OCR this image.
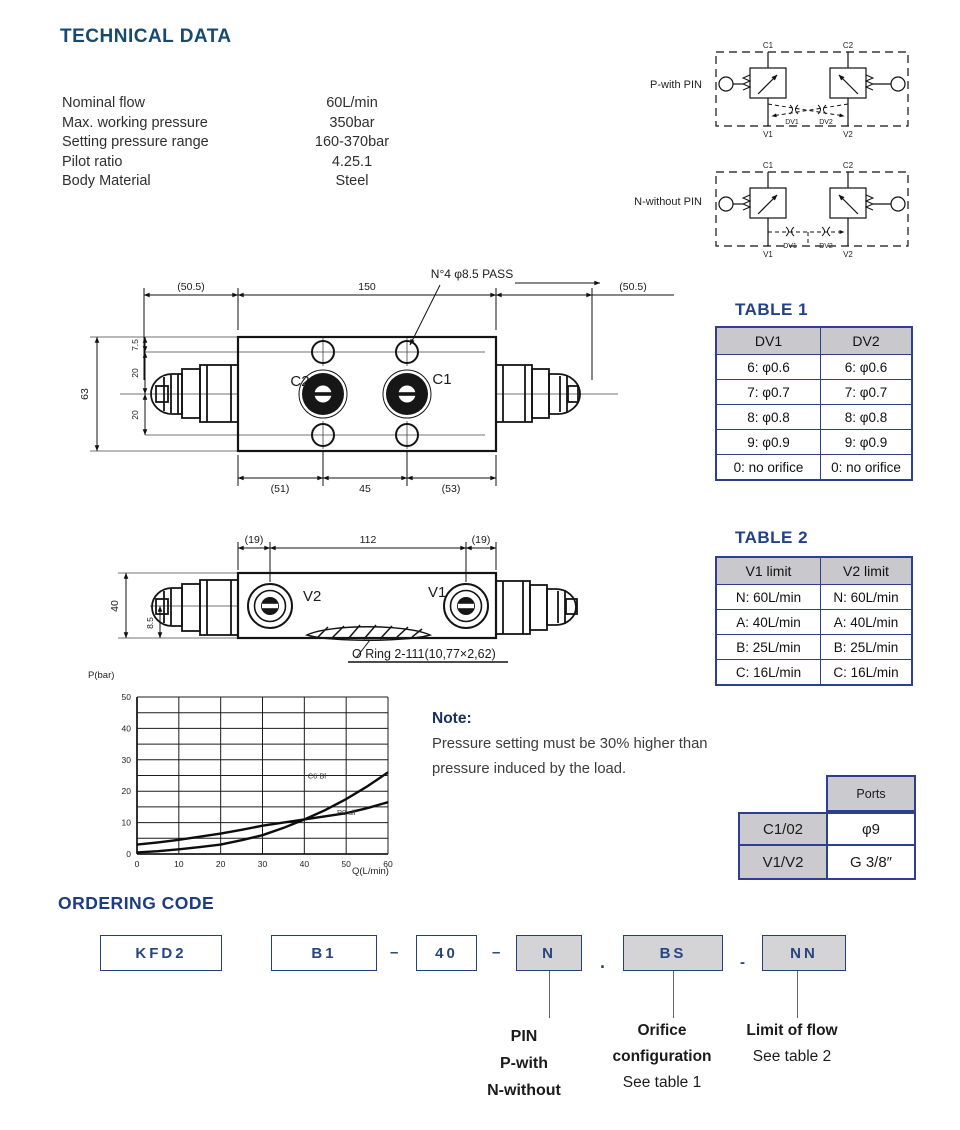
TECHNICAL DATA
Nominal flow	60L/min
Max. working pressure	350bar
Setting pressure range	160-370bar
Pilot ratio	4.25.1
Body Material	Steel
P-with PIN
C1	C2
V1	V2
DV1	DV2
N-without PIN
C1	C2
V1	V2
DV1	DV2
(50.5)	150	(50.5)
(51)	45	(53)
63
7.5
20
20
C2	C1
N°4 φ8.5 PASS
(19)	112	(19)
40
8.5
V2	V1
O Ring 2-111(10,77×2,62)
P(bar)
0
10
20
30
40
50
0	10	20	30	40	50	60
C6 Bl
P0 sil
Q(L/min)
Note:

Pressure setting must be 30% higher than
pressure induced by the load.

TABLE 1
DV1	DV2
6: φ0.6	6: φ0.6
7: φ0.7	7: φ0.7
8: φ0.8	8: φ0.8
9: φ0.9	9: φ0.9
0: no orifice	0: no orifice
TABLE 2
V1 limit	V2 limit
N: 60L/min	N: 60L/min
A: 40L/min	A: 40L/min
B: 25L/min	B: 25L/min
C: 16L/min	C: 16L/min
Ports
C1/02	φ9
V1/V2	G 3/8″
ORDERING CODE
KFD2	B1	–	40	–	N	.	BS
-
NN
PIN
P-with
N-without
Orifice
configuration
See table 1
Limit of flow
See table 2
